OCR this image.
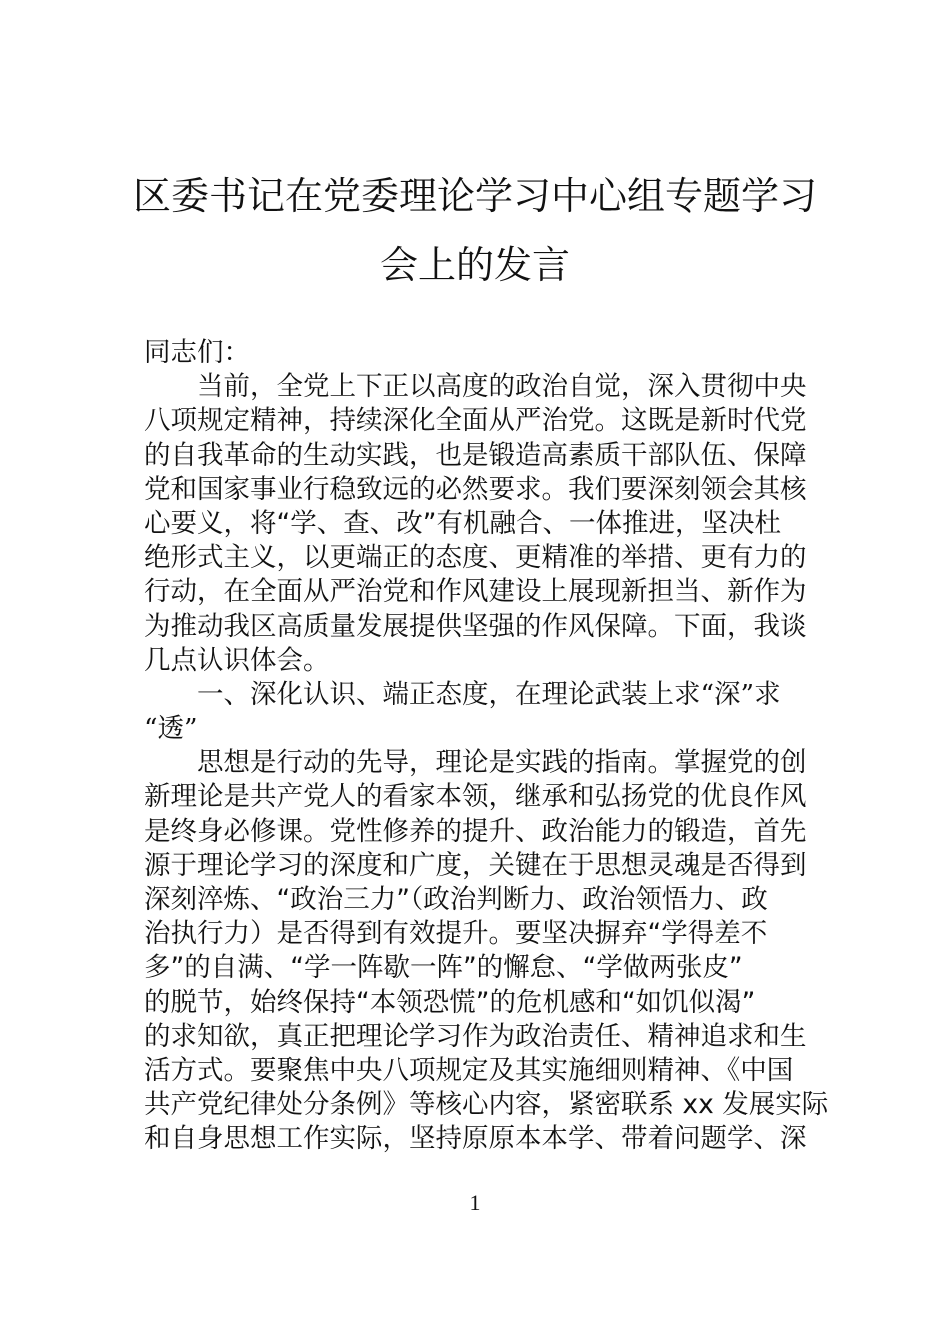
区委书记在党委理论学习中心组专题学习
会上的发言
同志们：
当前，全党上下正以高度的政治自觉，深入贯彻中央
八项规定精神，持续深化全面从严治党。这既是新时代党
的自我革命的生动实践，也是锻造高素质干部队伍、保障
党和国家事业行稳致远的必然要求。我们要深刻领会其核
心要义，将“学、查、改”有机融合、一体推进，坚决杜
绝形式主义，以更端正的态度、更精准的举措、更有力的
行动，在全面从严治党和作风建设上展现新担当、新作为
为推动我区高质量发展提供坚强的作风保障。下面，我谈
几点认识体会。
一、深化认识、端正态度，在理论武装上求“深”求
“透”
思想是行动的先导，理论是实践的指南。掌握党的创
新理论是共产党人的看家本领，继承和弘扬党的优良作风
是终身必修课。党性修养的提升、政治能力的锻造，首先
源于理论学习的深度和广度，关键在于思想灵魂是否得到
深刻淬炼、“政治三力”（政治判断力、政治领悟力、政
治执行力）是否得到有效提升。要坚决摒弃“学得差不
多”的自满、“学一阵歇一阵”的懈怠、“学做两张皮”
的脱节，始终保持“本领恐慌”的危机感和“如饥似渴”
的求知欲，真正把理论学习作为政治责任、精神追求和生
活方式。要聚焦中央八项规定及其实施细则精神、《中国
共产党纪律处分条例》等核心内容，紧密联系 xx 发展实际
和自身思想工作实际，坚持原原本本学、带着问题学、深
1
